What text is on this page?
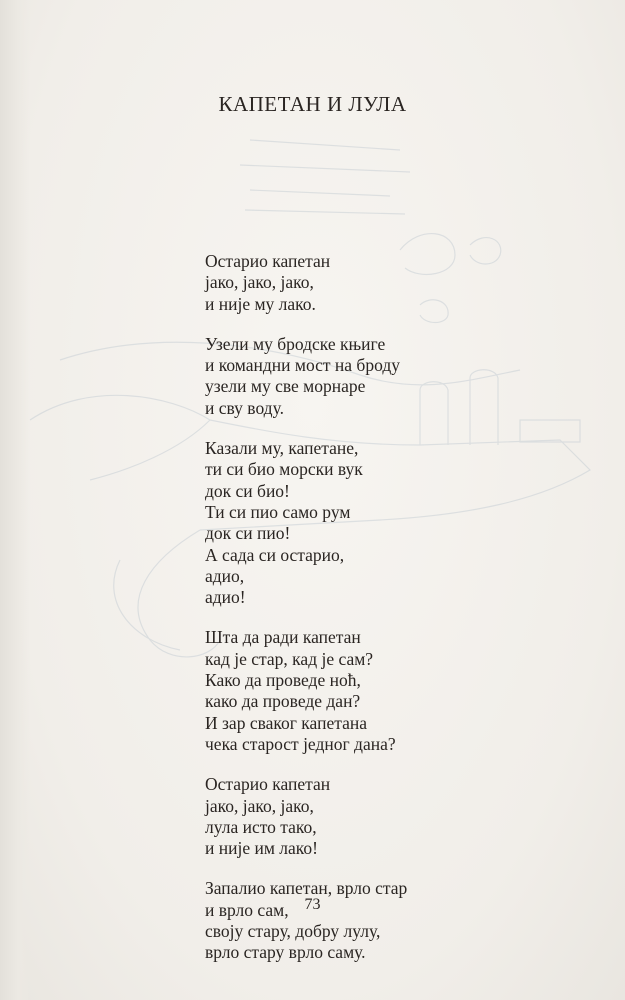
КАПЕТАН И ЛУЛА
Остарио капетан
јако, јако, јако,
и није му лако.
Узели му бродске књиге
и командни мост на броду
узели му све морнаре
и сву воду.
Казали му, капетане,
ти си био морски вук
док си био!
Ти си пио само рум
док си пио!
А сада си остарио,
адио,
адио!
Шта да ради капетан
кад је стар, кад је сам?
Како да проведе ноћ,
како да проведе дан?
И зар сваког капетана
чека старост једног дана?
Остарио капетан
јако, јако, јако,
лула исто тако,
и није им лако!
Запалио капетан, врло стар
и врло сам,
своју стару, добру лулу,
врло стару врло саму.
73
